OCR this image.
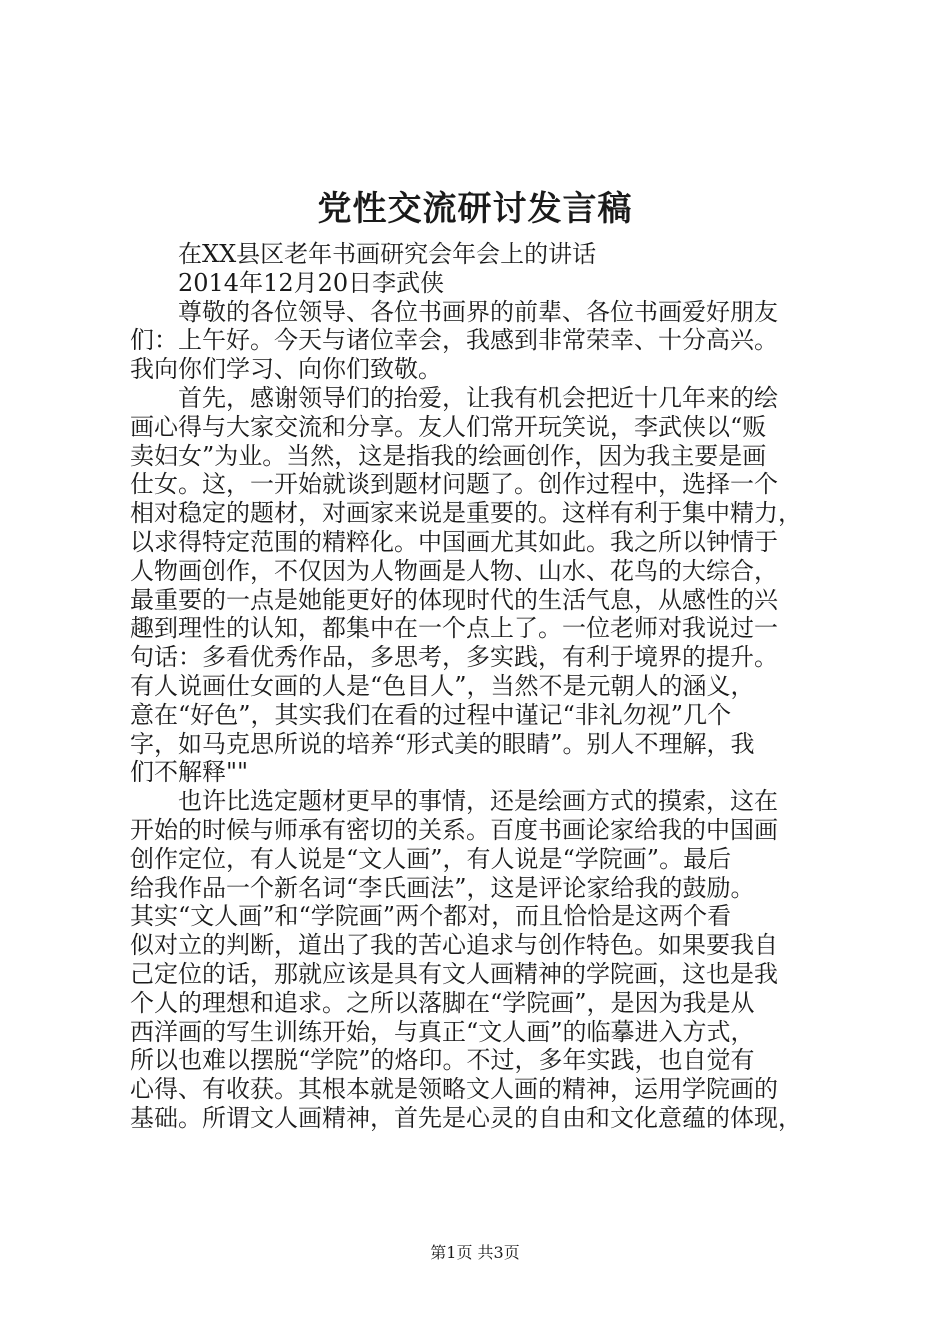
党性交流研讨发言稿

在XX县区老年书画研究会年会上的讲话

2014年12月20日李武侠

尊敬的各位领导、各位书画界的前辈、各位书画爱好朋友

们：上午好。今天与诸位幸会，我感到非常荣幸、十分高兴。

我向你们学习、向你们致敬。

首先，感谢领导们的抬爱，让我有机会把近十几年来的绘

画心得与大家交流和分享。友人们常开玩笑说，李武侠以“贩

卖妇女”为业。当然，这是指我的绘画创作，因为我主要是画

仕女。这，一开始就谈到题材问题了。创作过程中，选择一个

相对稳定的题材，对画家来说是重要的。这样有利于集中精力，

以求得特定范围的精粹化。中国画尤其如此。我之所以钟情于

人物画创作，不仅因为人物画是人物、山水、花鸟的大综合，

最重要的一点是她能更好的体现时代的生活气息，从感性的兴

趣到理性的认知，都集中在一个点上了。一位老师对我说过一

句话：多看优秀作品，多思考，多实践，有利于境界的提升。

有人说画仕女画的人是“色目人”，当然不是元朝人的涵义，

意在“好色”，其实我们在看的过程中谨记“非礼勿视”几个

字，如马克思所说的培养“形式美的眼睛”。别人不理解，我

们不解释""

也许比选定题材更早的事情，还是绘画方式的摸索，这在

开始的时候与师承有密切的关系。百度书画论家给我的中国画

创作定位，有人说是“文人画”，有人说是“学院画”。最后

给我作品一个新名词“李氏画法”，这是评论家给我的鼓励。

其实“文人画”和“学院画”两个都对，而且恰恰是这两个看

似对立的判断，道出了我的苦心追求与创作特色。如果要我自

己定位的话，那就应该是具有文人画精神的学院画，这也是我

个人的理想和追求。之所以落脚在“学院画”，是因为我是从

西洋画的写生训练开始，与真正“文人画”的临摹进入方式，

所以也难以摆脱“学院”的烙印。不过，多年实践，也自觉有

心得、有收获。其根本就是领略文人画的精神，运用学院画的

基础。所谓文人画精神，首先是心灵的自由和文化意蕴的体现，

第1页 共3页
